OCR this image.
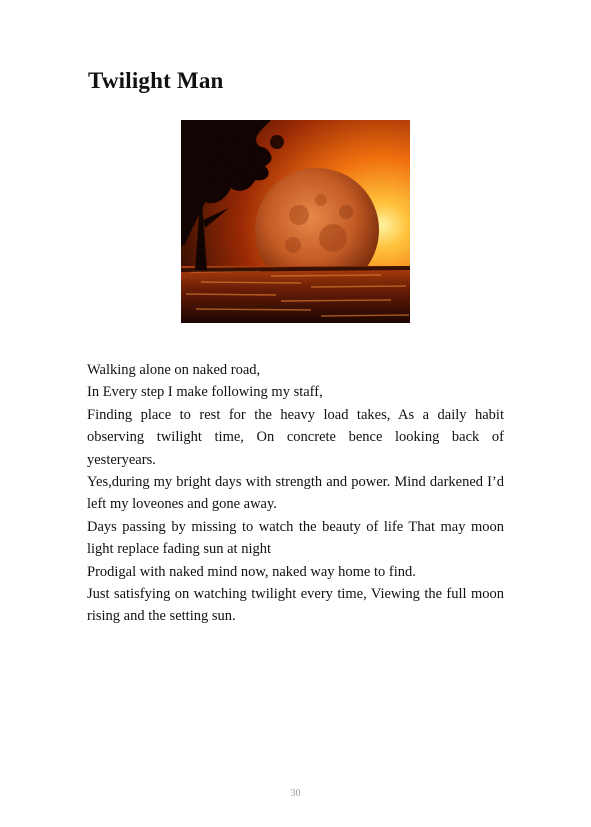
Twilight Man

Walking alone on naked road,

In Every step I make following my staff,

Finding place to rest for the heavy load takes, As a daily habit observing twilight time, On concrete bence looking back of yesteryears.

Yes,during my bright days with strength and power. Mind darkened I’d left my loveones and gone away.

Days passing by missing to watch the beauty of life That may moon light replace fading sun at night

Prodigal with naked mind now, naked way home to find.

Just satisfying on watching twilight every time, Viewing the full moon rising and the setting sun.

30
